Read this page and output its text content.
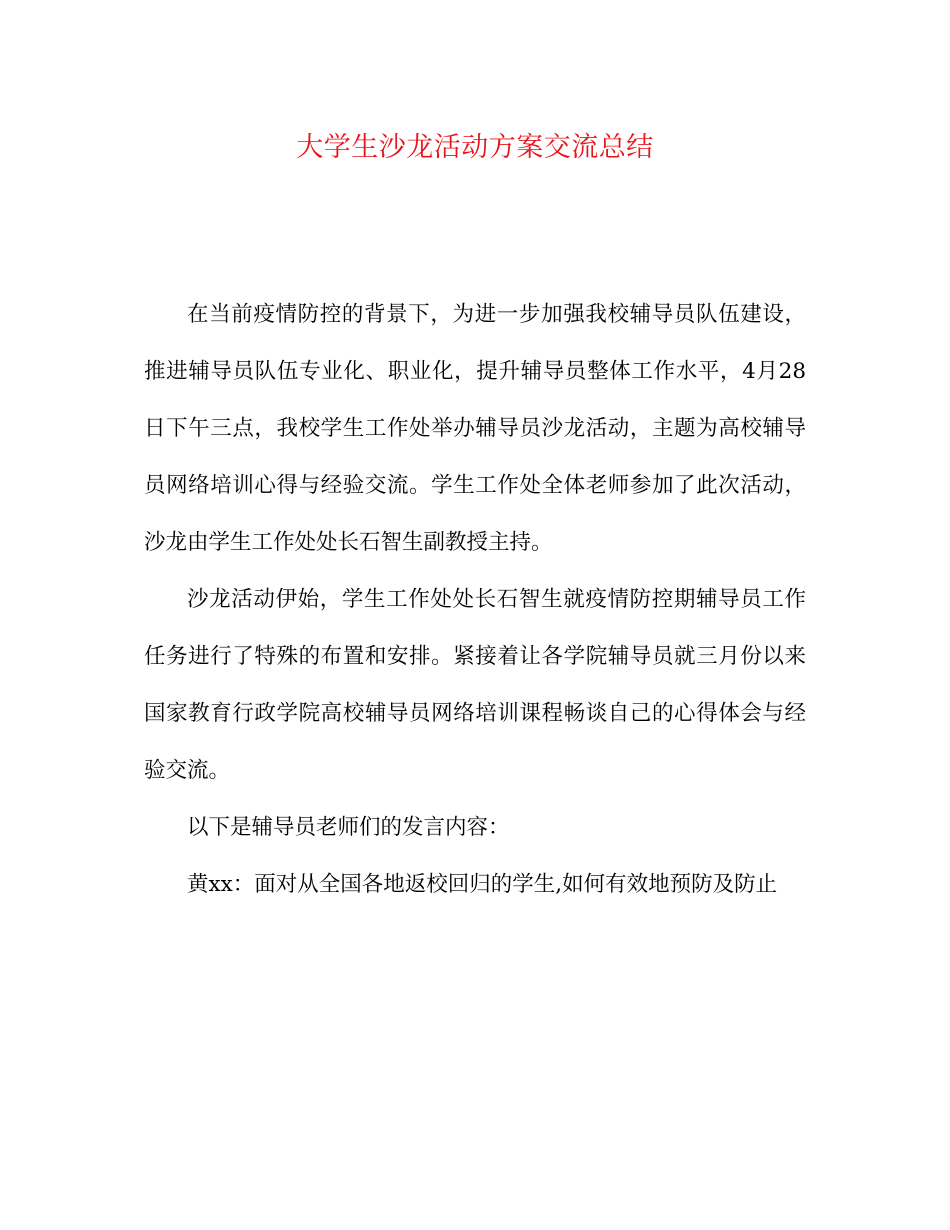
大学生沙龙活动方案交流总结

在当前疫情防控的背景下，为进一步加强我校辅导员队伍建设，推进辅导员队伍专业化、职业化，提升辅导员整体工作水平，4月28日下午三点，我校学生工作处举办辅导员沙龙活动，主题为高校辅导员网络培训心得与经验交流。学生工作处全体老师参加了此次活动，沙龙由学生工作处处长石智生副教授主持。

沙龙活动伊始，学生工作处处长石智生就疫情防控期辅导员工作任务进行了特殊的布置和安排。紧接着让各学院辅导员就三月份以来国家教育行政学院高校辅导员网络培训课程畅谈自己的心得体会与经验交流。

以下是辅导员老师们的发言内容：

黄xx：面对从全国各地返校回归的学生,如何有效地预防及防止
